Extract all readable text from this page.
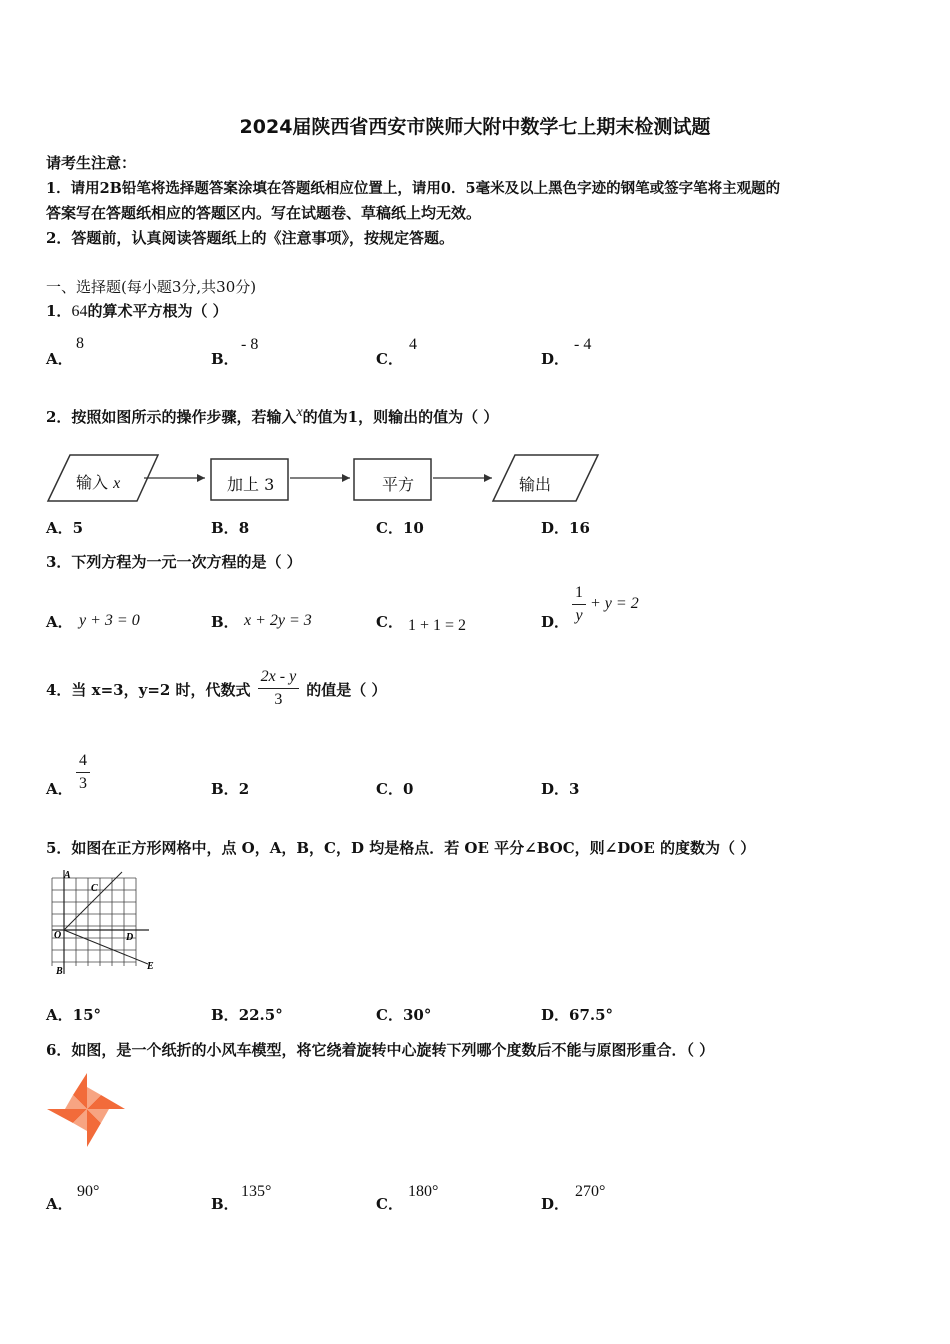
2024届陕西省西安市陕师大附中数学七上期末检测试题
请考生注意：
1．请用2B铅笔将选择题答案涂填在答题纸相应位置上，请用0．5毫米及以上黑色字迹的钢笔或签字笔将主观题的
答案写在答题纸相应的答题区内。写在试题卷、草稿纸上均无效。
2．答题前，认真阅读答题纸上的《注意事项》，按规定答题。
一、选择题(每小题3分,共30分)
1．64的算术平方根为（ ）
A．
8
B．
- 8
C．
4
D．
- 4
2．按照如图所示的操作步骤，若输入x的值为1，则输出的值为（ ）
输入 x	加上 3	平方	输出
A．5	B．8	C．10	D．16
3．下列方程为一元一次方程的是（ ）
A． y + 3 = 0	B． x + 2y = 3	C． 1 + 1 = 2	D． $\frac{1}{y} + y = 2$
4．当 x=3，y=2 时，代数式 $\frac{2x - y}{3}$ 的值是（ ）
A． $\frac{4}{3}$	B．2	C．0	D．3
5．如图在正方形网格中，点 O，A，B，C，D 均是格点．若 OE 平分∠BOC，则∠DOE 的度数为（ ）
A
C
O	D
B	E
A．15°	B．22.5°	C．30°	D．67.5°
6．如图，是一个纸折的小风车模型，将它绕着旋转中心旋转下列哪个度数后不能与原图形重合．（ ）
A．
90°
B．
135°
C．
180°
D．
270°
